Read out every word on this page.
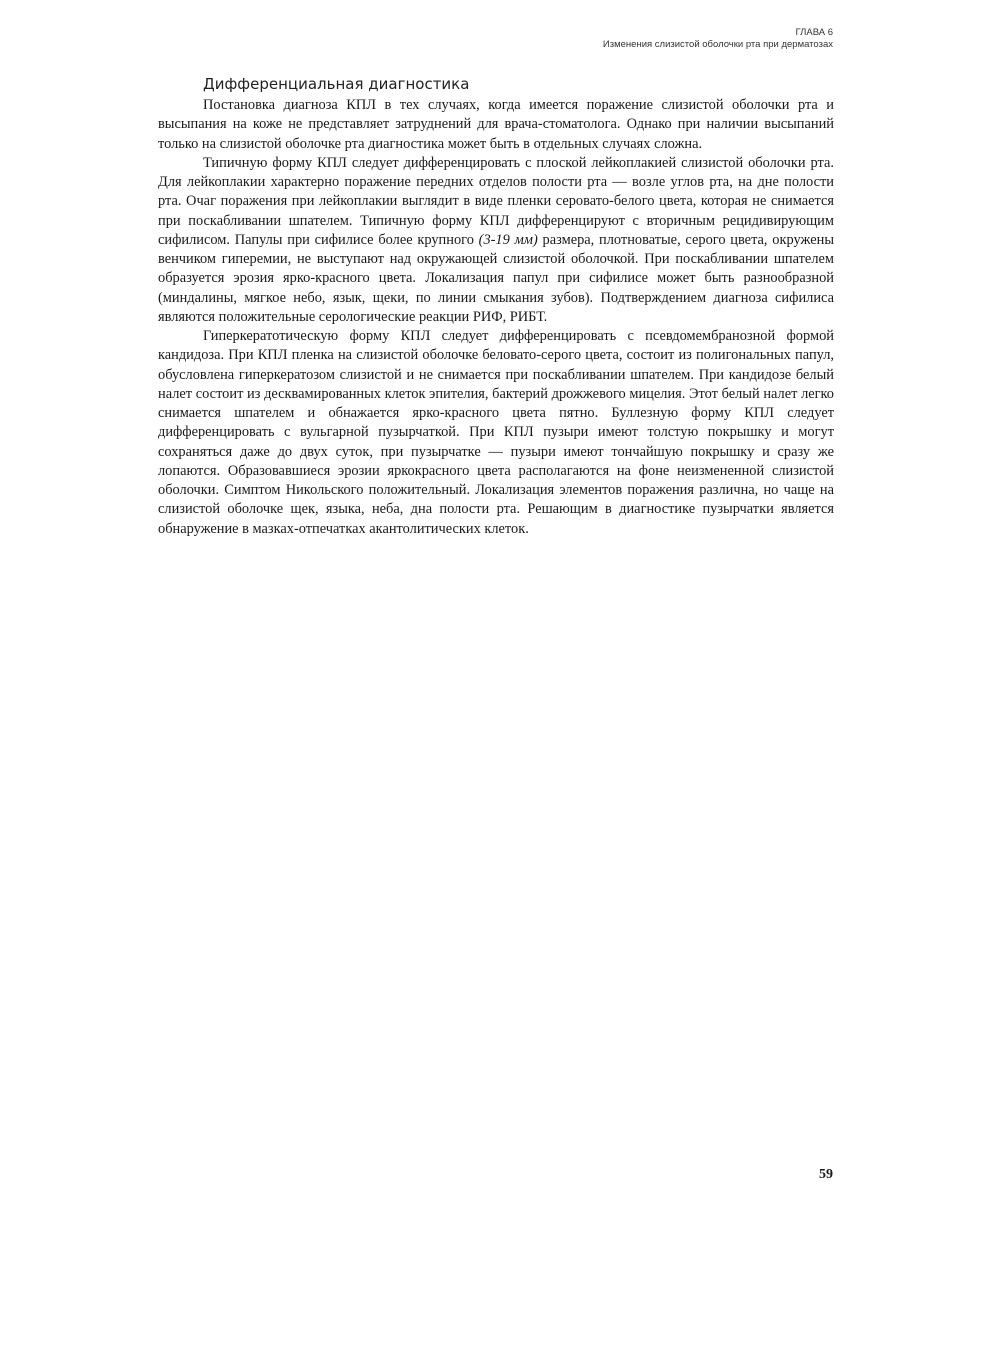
ГЛАВА 6
Изменения слизистой оболочки рта при дерматозах
Дифференциальная диагностика

Постановка диагноза КПЛ в тех случаях, когда имеется поражение слизистой оболочки рта и высыпания на коже не представляет затруднений для врача-стоматолога. Однако при наличии высыпаний только на слизистой оболочке рта диагностика может быть в отдельных случаях сложна.

Типичную форму КПЛ следует дифференцировать с плоской лейкоплакией слизистой оболочки рта. Для лейкоплакии характерно поражение передних отделов полости рта — возле углов рта, на дне полости рта. Очаг поражения при лейкоплакии выглядит в виде пленки серовато-белого цвета, которая не снимается при поскабливании шпателем. Типичную форму КПЛ дифференцируют с вторичным рецидивирующим сифилисом. Папулы при сифилисе более крупного (3-19 мм) размера, плотноватые, серого цвета, окружены венчиком гиперемии, не выступают над окружающей слизистой оболочкой. При поскабливании шпателем образуется эрозия ярко-красного цвета. Локализация папул при сифилисе может быть разнообразной (миндалины, мягкое небо, язык, щеки, по линии смыкания зубов). Подтверждением диагноза сифилиса являются положительные серологические реакции РИФ, РИБТ.

Гиперкератотическую форму КПЛ следует дифференцировать с псевдомембранозной формой кандидоза. При КПЛ пленка на слизистой оболочке беловато-серого цвета, состоит из полигональных папул, обусловлена гиперкератозом слизистой и не снимается при поскабливании шпателем. При кандидозе белый налет состоит из десквамированных клеток эпителия, бактерий дрожжевого мицелия. Этот белый налет легко снимается шпателем и обнажается ярко-красного цвета пятно. Буллезную форму КПЛ следует дифференцировать с вульгарной пузырчаткой. При КПЛ пузыри имеют толстую покрышку и могут сохраняться даже до двух суток, при пузырчатке — пузыри имеют тончайшую покрышку и сразу же лопаются. Образовавшиеся эрозии яркокрасного цвета располагаются на фоне неизмененной слизистой оболочки. Симптом Никольского положительный. Локализация элементов поражения различна, но чаще на слизистой оболочке щек, языка, неба, дна полости рта. Решающим в диагностике пузырчатки является обнаружение в мазках-отпечатках акантолитических клеток.

59
